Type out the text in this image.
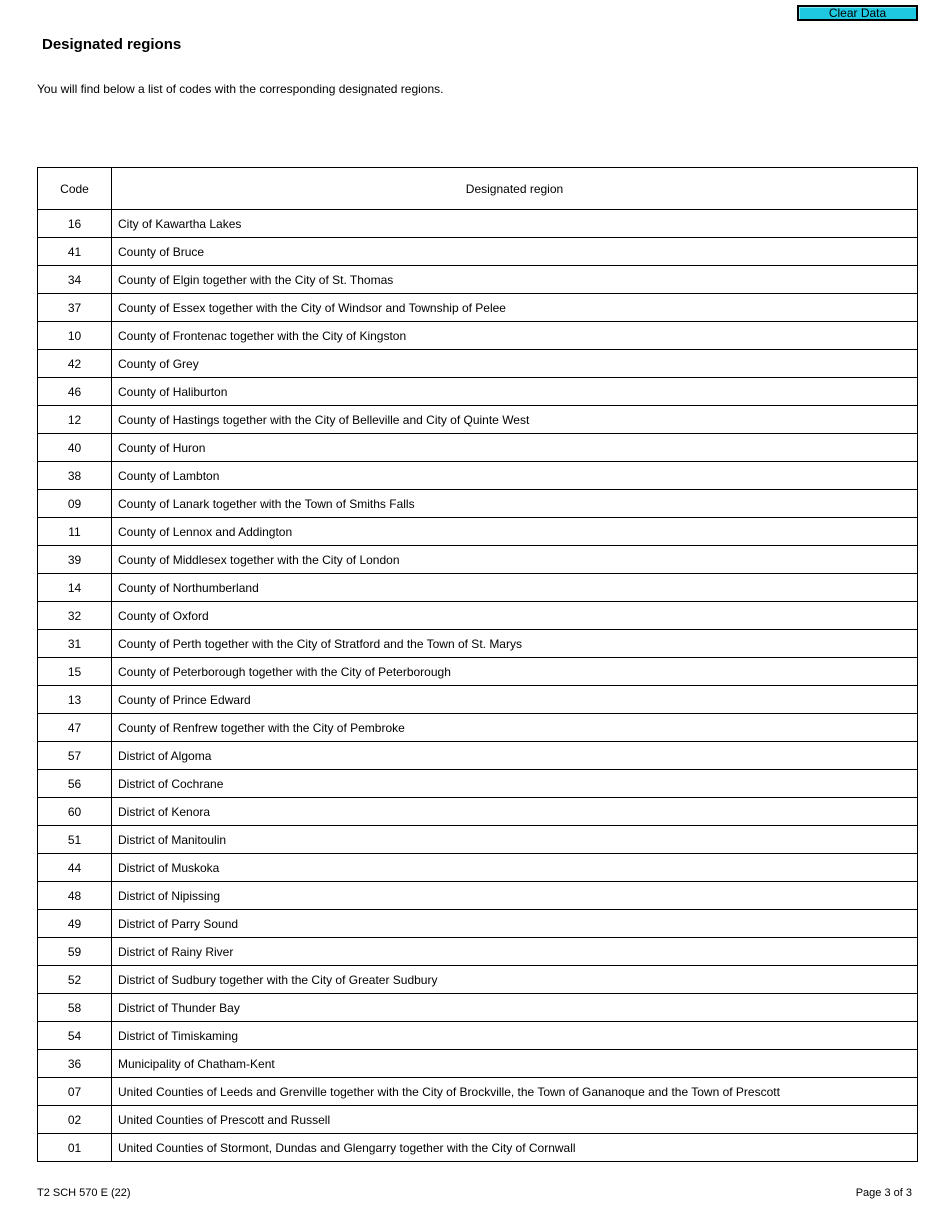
Clear Data
Designated regions

You will find below a list of codes with the corresponding designated regions.

Code	Designated region
16	City of Kawartha Lakes
41	County of Bruce
34	County of Elgin together with the City of St. Thomas
37	County of Essex together with the City of Windsor and Township of Pelee
10	County of Frontenac together with the City of Kingston
42	County of Grey
46	County of Haliburton
12	County of Hastings together with the City of Belleville and City of Quinte West
40	County of Huron
38	County of Lambton
09	County of Lanark together with the Town of Smiths Falls
11	County of Lennox and Addington
39	County of Middlesex together with the City of London
14	County of Northumberland
32	County of Oxford
31	County of Perth together with the City of Stratford and the Town of St. Marys
15	County of Peterborough together with the City of Peterborough
13	County of Prince Edward
47	County of Renfrew together with the City of Pembroke
57	District of Algoma
56	District of Cochrane
60	District of Kenora
51	District of Manitoulin
44	District of Muskoka
48	District of Nipissing
49	District of Parry Sound
59	District of Rainy River
52	District of Sudbury together with the City of Greater Sudbury
58	District of Thunder Bay
54	District of Timiskaming
36	Municipality of Chatham-Kent
07	United Counties of Leeds and Grenville together with the City of Brockville, the Town of Gananoque and the Town of Prescott
02	United Counties of Prescott and Russell
01	United Counties of Stormont, Dundas and Glengarry together with the City of Cornwall
T2 SCH 570 E (22)	Page 3 of 3
